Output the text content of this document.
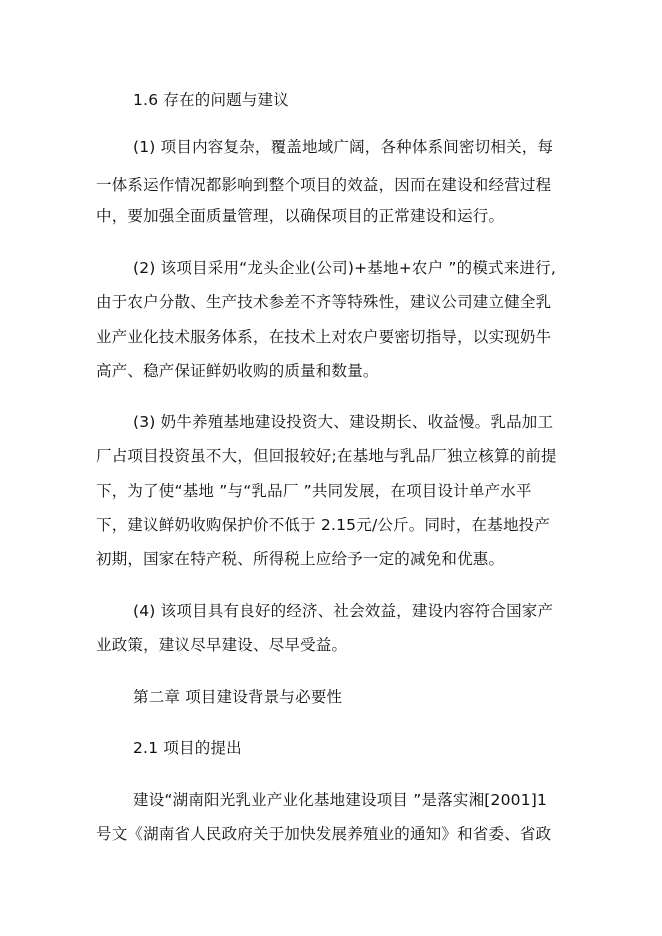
1.6 存在的问题与建议
(1) 项目内容复杂，覆盖地域广阔，各种体系间密切相关，每
一体系运作情况都影响到整个项目的效益，因而在建设和经营过程
中，要加强全面质量管理，以确保项目的正常建设和运行。
(2) 该项目采用“龙头企业(公司)+基地+农户 ”的模式来进行,
由于农户分散、生产技术参差不齐等特殊性，建议公司建立健全乳
业产业化技术服务体系，在技术上对农户要密切指导，以实现奶牛
高产、稳产保证鲜奶收购的质量和数量。
(3) 奶牛养殖基地建设投资大、建设期长、收益慢。乳品加工
厂占项目投资虽不大，但回报较好;在基地与乳品厂独立核算的前提
下，为了使“基地 ”与“乳品厂 ”共同发展，在项目设计单产水平
下，建议鲜奶收购保护价不低于 2.15元/公斤。同时，在基地投产
初期，国家在特产税、所得税上应给予一定的减免和优惠。
(4) 该项目具有良好的经济、社会效益，建设内容符合国家产
业政策，建议尽早建设、尽早受益。
第二章 项目建设背景与必要性
2.1 项目的提出
建设“湖南阳光乳业产业化基地建设项目 ”是落实湘[2001]1
号文《湖南省人民政府关于加快发展养殖业的通知》和省委、省政
